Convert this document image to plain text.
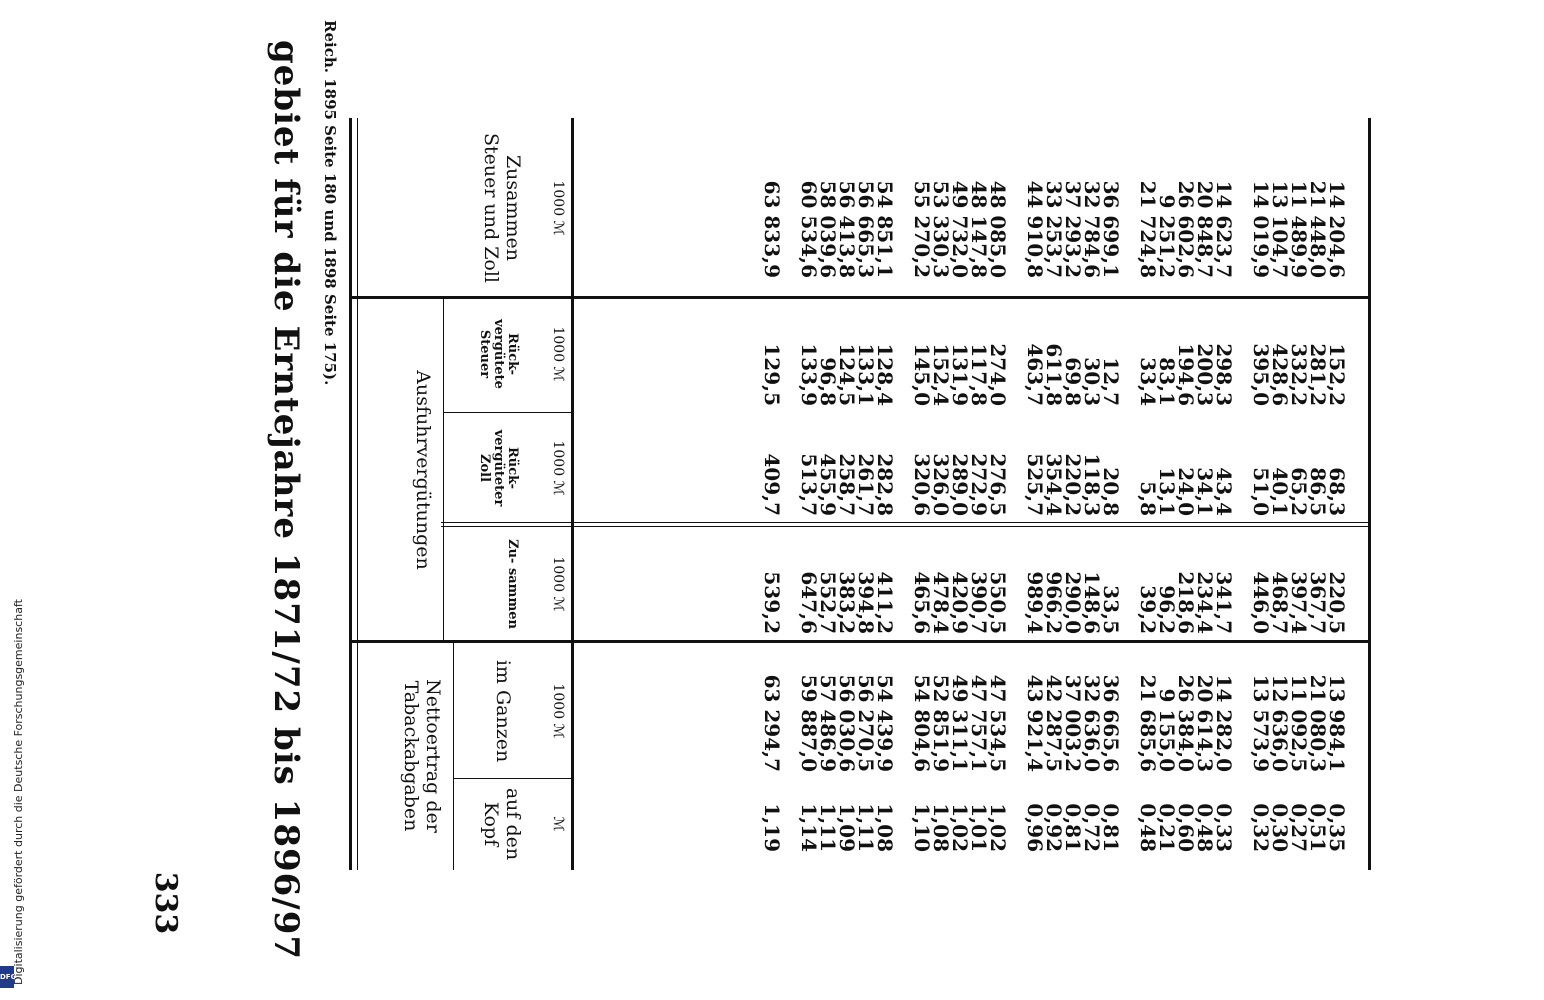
333 gebiet für die Erntejahre 1871/72 bis 1896/97 Reich. 1895 Seite 180 und 1898 Seite 175).	Zusammen Steuer und Zoll
Ausfuhrvergütungen
Rück- vergütete Steuer
Rück- vergüteter Zoll
Zu- sammen
Nettoertrag der Tabackabgaben	im Ganzen
auf den Kopf
1000 ℳ
1000 ℳ
1000 ℳ
1000 ℳ
1000 ℳ
ℳ
14 204,6
21 448,0
11 489,9
13 104,7
14 019,9
14 623,7
20 848,7
26 602,6
9 251,2
21 724,8
36 699,1
32 784,6
37 293,2
33 253,7
44 910,8
48 085,0
48 147,8
49 732,0
53 330,3
55 270,2
54 851,1
56 665,3
56 413,8
58 039,6
60 534,6
63 833,9
152,2
281,2
332,2
428,6
395,0
298,3
200,3
194,6
83,1
33,4
12,7
30,3
69,8
611,8
463,7
274,0
117,8
131,9
152,4
145,0
128,4
133,1
124,5
96,8
133,9
129,5
68,3
86,5
65,2
40,1
51,0
43,4
34,1
24,0
13,1
5,8
20,8
118,3
220,2
354,4
525,7
276,5
272,9
289,0
326,0
320,6
282,8
261,7
258,7
455,9
513,7
409,7
220,5
367,7
397,4
468,7
446,0
341,7
234,4
218,6
96,2
39,2
33,5
148,6
290,0
966,2
989,4
550,5
390,7
420,9
478,4
465,6
411,2
394,8
383,2
552,7
647,6
539,2
13 984,1
21 080,3
11 092,5
12 636,0
13 573,9
14 282,0
20 614,3
26 384,0
9 155,0
21 685,6
36 665,6
32 636,0
37 003,2
42 287,5
43 921,4
47 534,5
47 757,1
49 311,1
52 851,9
54 804,6
54 439,9
56 270,5
56 030,6
57 486,9
59 887,0
63 294,7
0,35
0,51
0,27
0,30
0,32
0,33
0,48
0,60
0,21
0,48
0,81
0,72
0,81
0,92
0,96
1,02
1,01
1,02
1,08
1,10
1,08
1,11
1,09
1,11
1,14
1,19
DFG
Digitalisierung gefördert durch die Deutsche Forschungsgemeinschaft
